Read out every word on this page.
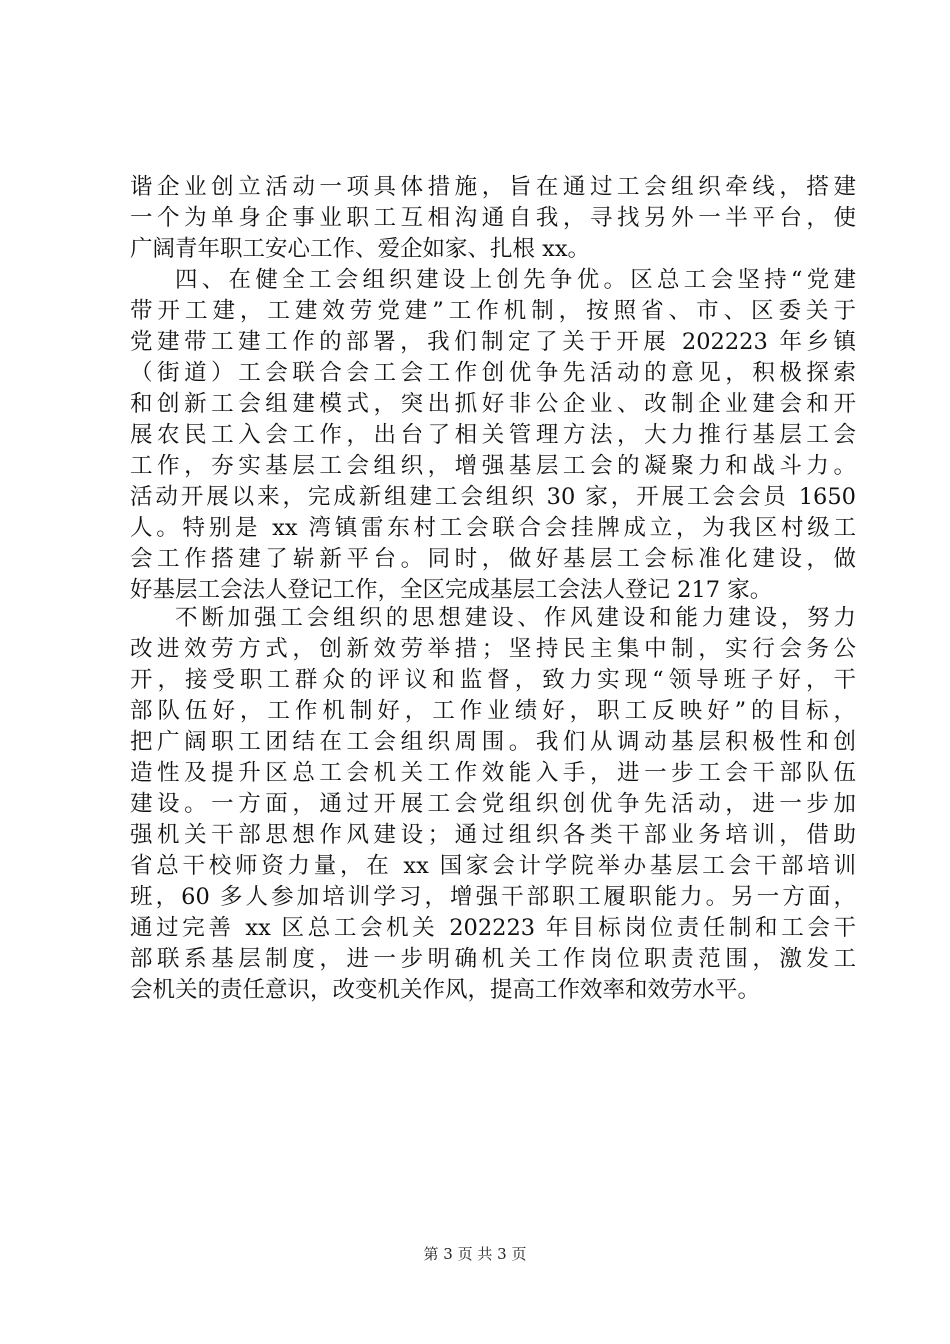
谐企业创立活动一项具体措施，旨在通过工会组织牵线，搭建
一个为单身企事业职工互相沟通自我，寻找另外一半平台，使
广阔青年职工安心工作、爱企如家、扎根 xx。
四、在健全工会组织建设上创先争优。区总工会坚持“党建
带开工建，工建效劳党建”工作机制，按照省、市、区委关于
党建带工建工作的部署，我们制定了关于开展 202223 年乡镇
（街道）工会联合会工会工作创优争先活动的意见，积极探索
和创新工会组建模式，突出抓好非公企业、改制企业建会和开
展农民工入会工作，出台了相关管理方法，大力推行基层工会
工作，夯实基层工会组织，增强基层工会的凝聚力和战斗力。
活动开展以来，完成新组建工会组织 30 家，开展工会会员 1650
人。特别是 xx 湾镇雷东村工会联合会挂牌成立，为我区村级工
会工作搭建了崭新平台。同时，做好基层工会标准化建设，做
好基层工会法人登记工作，全区完成基层工会法人登记 217 家。
不断加强工会组织的思想建设、作风建设和能力建设，努力
改进效劳方式，创新效劳举措；坚持民主集中制，实行会务公
开，接受职工群众的评议和监督，致力实现“领导班子好，干
部队伍好，工作机制好，工作业绩好，职工反映好”的目标，
把广阔职工团结在工会组织周围。我们从调动基层积极性和创
造性及提升区总工会机关工作效能入手，进一步工会干部队伍
建设。一方面，通过开展工会党组织创优争先活动，进一步加
强机关干部思想作风建设；通过组织各类干部业务培训，借助
省总干校师资力量，在 xx 国家会计学院举办基层工会干部培训
班，60 多人参加培训学习，增强干部职工履职能力。另一方面，
通过完善 xx 区总工会机关 202223 年目标岗位责任制和工会干
部联系基层制度，进一步明确机关工作岗位职责范围，激发工
会机关的责任意识，改变机关作风，提高工作效率和效劳水平。
第 3 页 共 3 页
